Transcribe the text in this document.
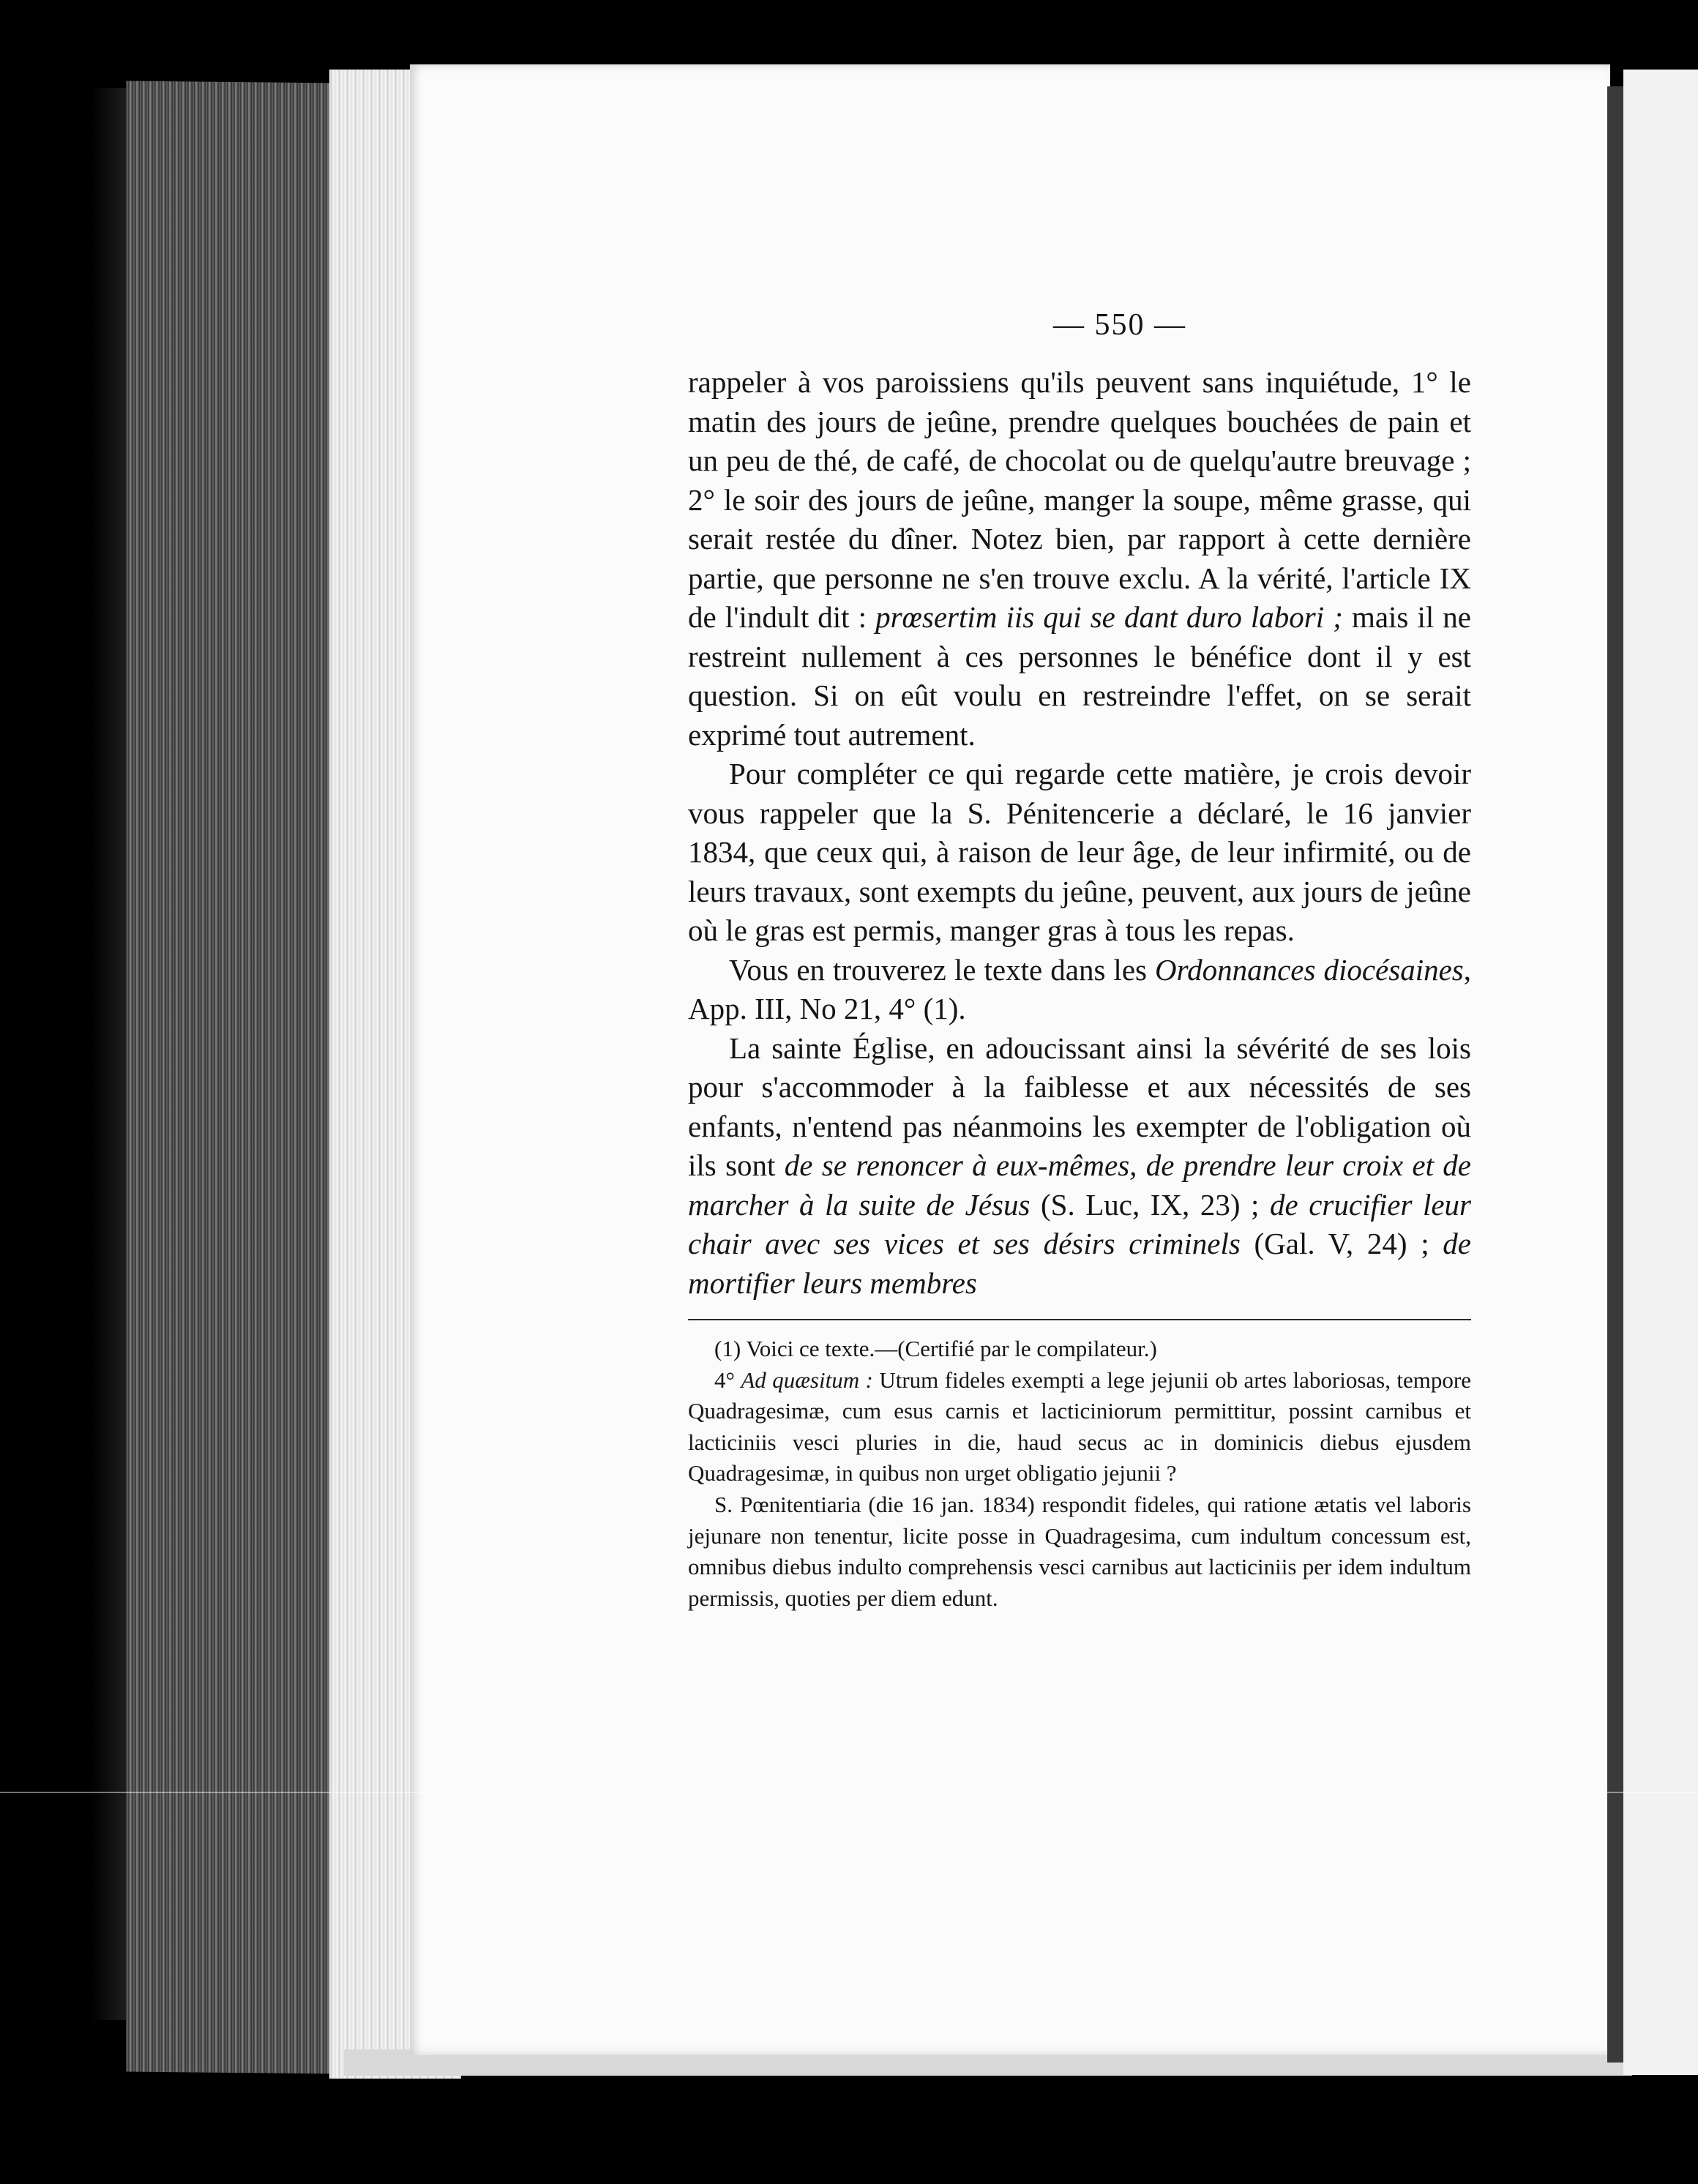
— 550 —

rappeler à vos paroissiens qu'ils peuvent sans inquiétude, 1° le matin des jours de jeûne, prendre quelques bouchées de pain et un peu de thé, de café, de chocolat ou de quelqu'autre breuvage ; 2° le soir des jours de jeûne, manger la soupe, même grasse, qui serait restée du dîner. Notez bien, par rapport à cette dernière partie, que personne ne s'en trouve exclu. A la vérité, l'article IX de l'indult dit : prœsertim iis qui se dant duro labori ; mais il ne restreint nullement à ces personnes le bénéfice dont il y est question. Si on eût voulu en restreindre l'effet, on se serait exprimé tout autrement.

Pour compléter ce qui regarde cette matière, je crois devoir vous rappeler que la S. Pénitencerie a déclaré, le 16 janvier 1834, que ceux qui, à raison de leur âge, de leur infirmité, ou de leurs travaux, sont exempts du jeûne, peuvent, aux jours de jeûne où le gras est permis, manger gras à tous les repas.

Vous en trouverez le texte dans les Ordonnances diocésaines, App. III, No 21, 4° (1).

La sainte Église, en adoucissant ainsi la sévérité de ses lois pour s'accommoder à la faiblesse et aux nécessités de ses enfants, n'entend pas néanmoins les exempter de l'obligation où ils sont de se renoncer à eux-mêmes, de prendre leur croix et de marcher à la suite de Jésus (S. Luc, IX, 23) ; de crucifier leur chair avec ses vices et ses désirs criminels (Gal. V, 24) ; de mortifier leurs membres

(1) Voici ce texte.—(Certifié par le compilateur.)

4° Ad quæsitum : Utrum fideles exempti a lege jejunii ob artes laboriosas, tempore Quadragesimæ, cum esus carnis et lacticiniorum permittitur, possint carnibus et lacticiniis vesci pluries in die, haud secus ac in dominicis diebus ejusdem Quadragesimæ, in quibus non urget obligatio jejunii ?

S. Pœnitentiaria (die 16 jan. 1834) respondit fideles, qui ratione ætatis vel laboris jejunare non tenentur, licite posse in Quadragesima, cum indultum concessum est, omnibus diebus indulto comprehensis vesci carnibus aut lacticiniis per idem indultum permissis, quoties per diem edunt.
